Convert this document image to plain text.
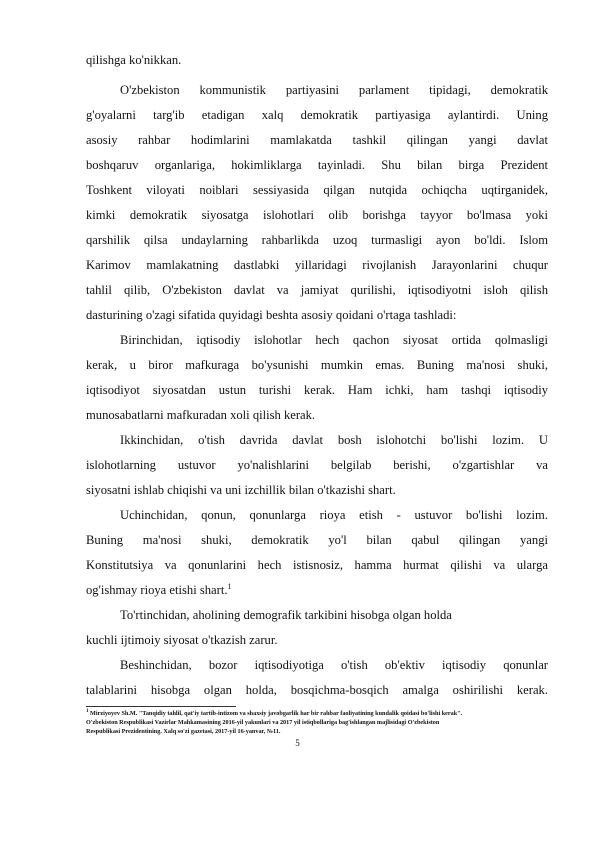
qilishga ko'nikkan.
O'zbekiston kommunistik partiyasini parlament tipidagi, demokratik
g'oyalarni targ'ib etadigan xalq demokratik partiyasiga aylantirdi. Uning
asosiy rahbar hodimlarini mamlakatda tashkil qilingan yangi davlat
boshqaruv organlariga, hokimliklarga tayinladi. Shu bilan birga Prezident
Toshkent viloyati noiblari sessiyasida qilgan nutqida ochiqcha uqtirganidek,
kimki demokratik siyosatga islohotlari olib borishga tayyor bo'lmasa yoki
qarshilik qilsa undaylarning rahbarlikda uzoq turmasligi ayon bo'ldi. Islom
Karimov mamlakatning dastlabki yillaridagi rivojlanish Jarayonlarini chuqur
tahlil qilib, O'zbekiston davlat va jamiyat qurilishi, iqtisodiyotni isloh qilish
dasturining o'zagi sifatida quyidagi beshta asosiy qoidani o'rtaga tashladi:
Birinchidan, iqtisodiy islohotlar hech qachon siyosat ortida qolmasligi
kerak, u biror mafkuraga bo'ysunishi mumkin emas. Buning ma'nosi shuki,
iqtisodiyot siyosatdan ustun turishi kerak. Ham ichki, ham tashqi iqtisodiy
munosabatlarni mafkuradan xoli qilish kerak.
Ikkinchidan, o'tish davrida davlat bosh islohotchi bo'lishi lozim. U
islohotlarning ustuvor yo'nalishlarini belgilab berishi, o'zgartishlar va
siyosatni ishlab chiqishi va uni izchillik bilan o'tkazishi shart.
Uchinchidan, qonun, qonunlarga rioya etish - ustuvor bo'lishi lozim.
Buning ma'nosi shuki, demokratik yo'l bilan qabul qilingan yangi
Konstitutsiya va qonunlarini hech istisnosiz, hamma hurmat qilishi va ularga
og'ishmay rioya etishi shart.$^1$
To'rtinchidan, aholining demografik tarkibini hisobga olgan holda
kuchli ijtimoiy siyosat o'tkazish zarur.
Beshinchidan, bozor iqtisodiyotiga o'tish ob'ektiv iqtisodiy qonunlar
talablarini hisobga olgan holda, bosqichma-bosqich amalga oshirilishi kerak.
$^1$ Mirziyoyev Sh.M. "Tanqidiy tahlil, qat'iy tartib-intizom va shaxsiy javobgarlik har bir rahbar faoliyatining kundalik qoidasi bo'lishi kerak".
O'zbekiston Respublikasi Vazirlar Mahkamasining 2016-yil yakunlari va 2017 yil istiqbollariga bag'ishlangan majlisidagi O'zbekiston
Respublikasi Prezidentining. Xalq so'zi gazetasi, 2017-yil 16-yanvar, №11.
5
